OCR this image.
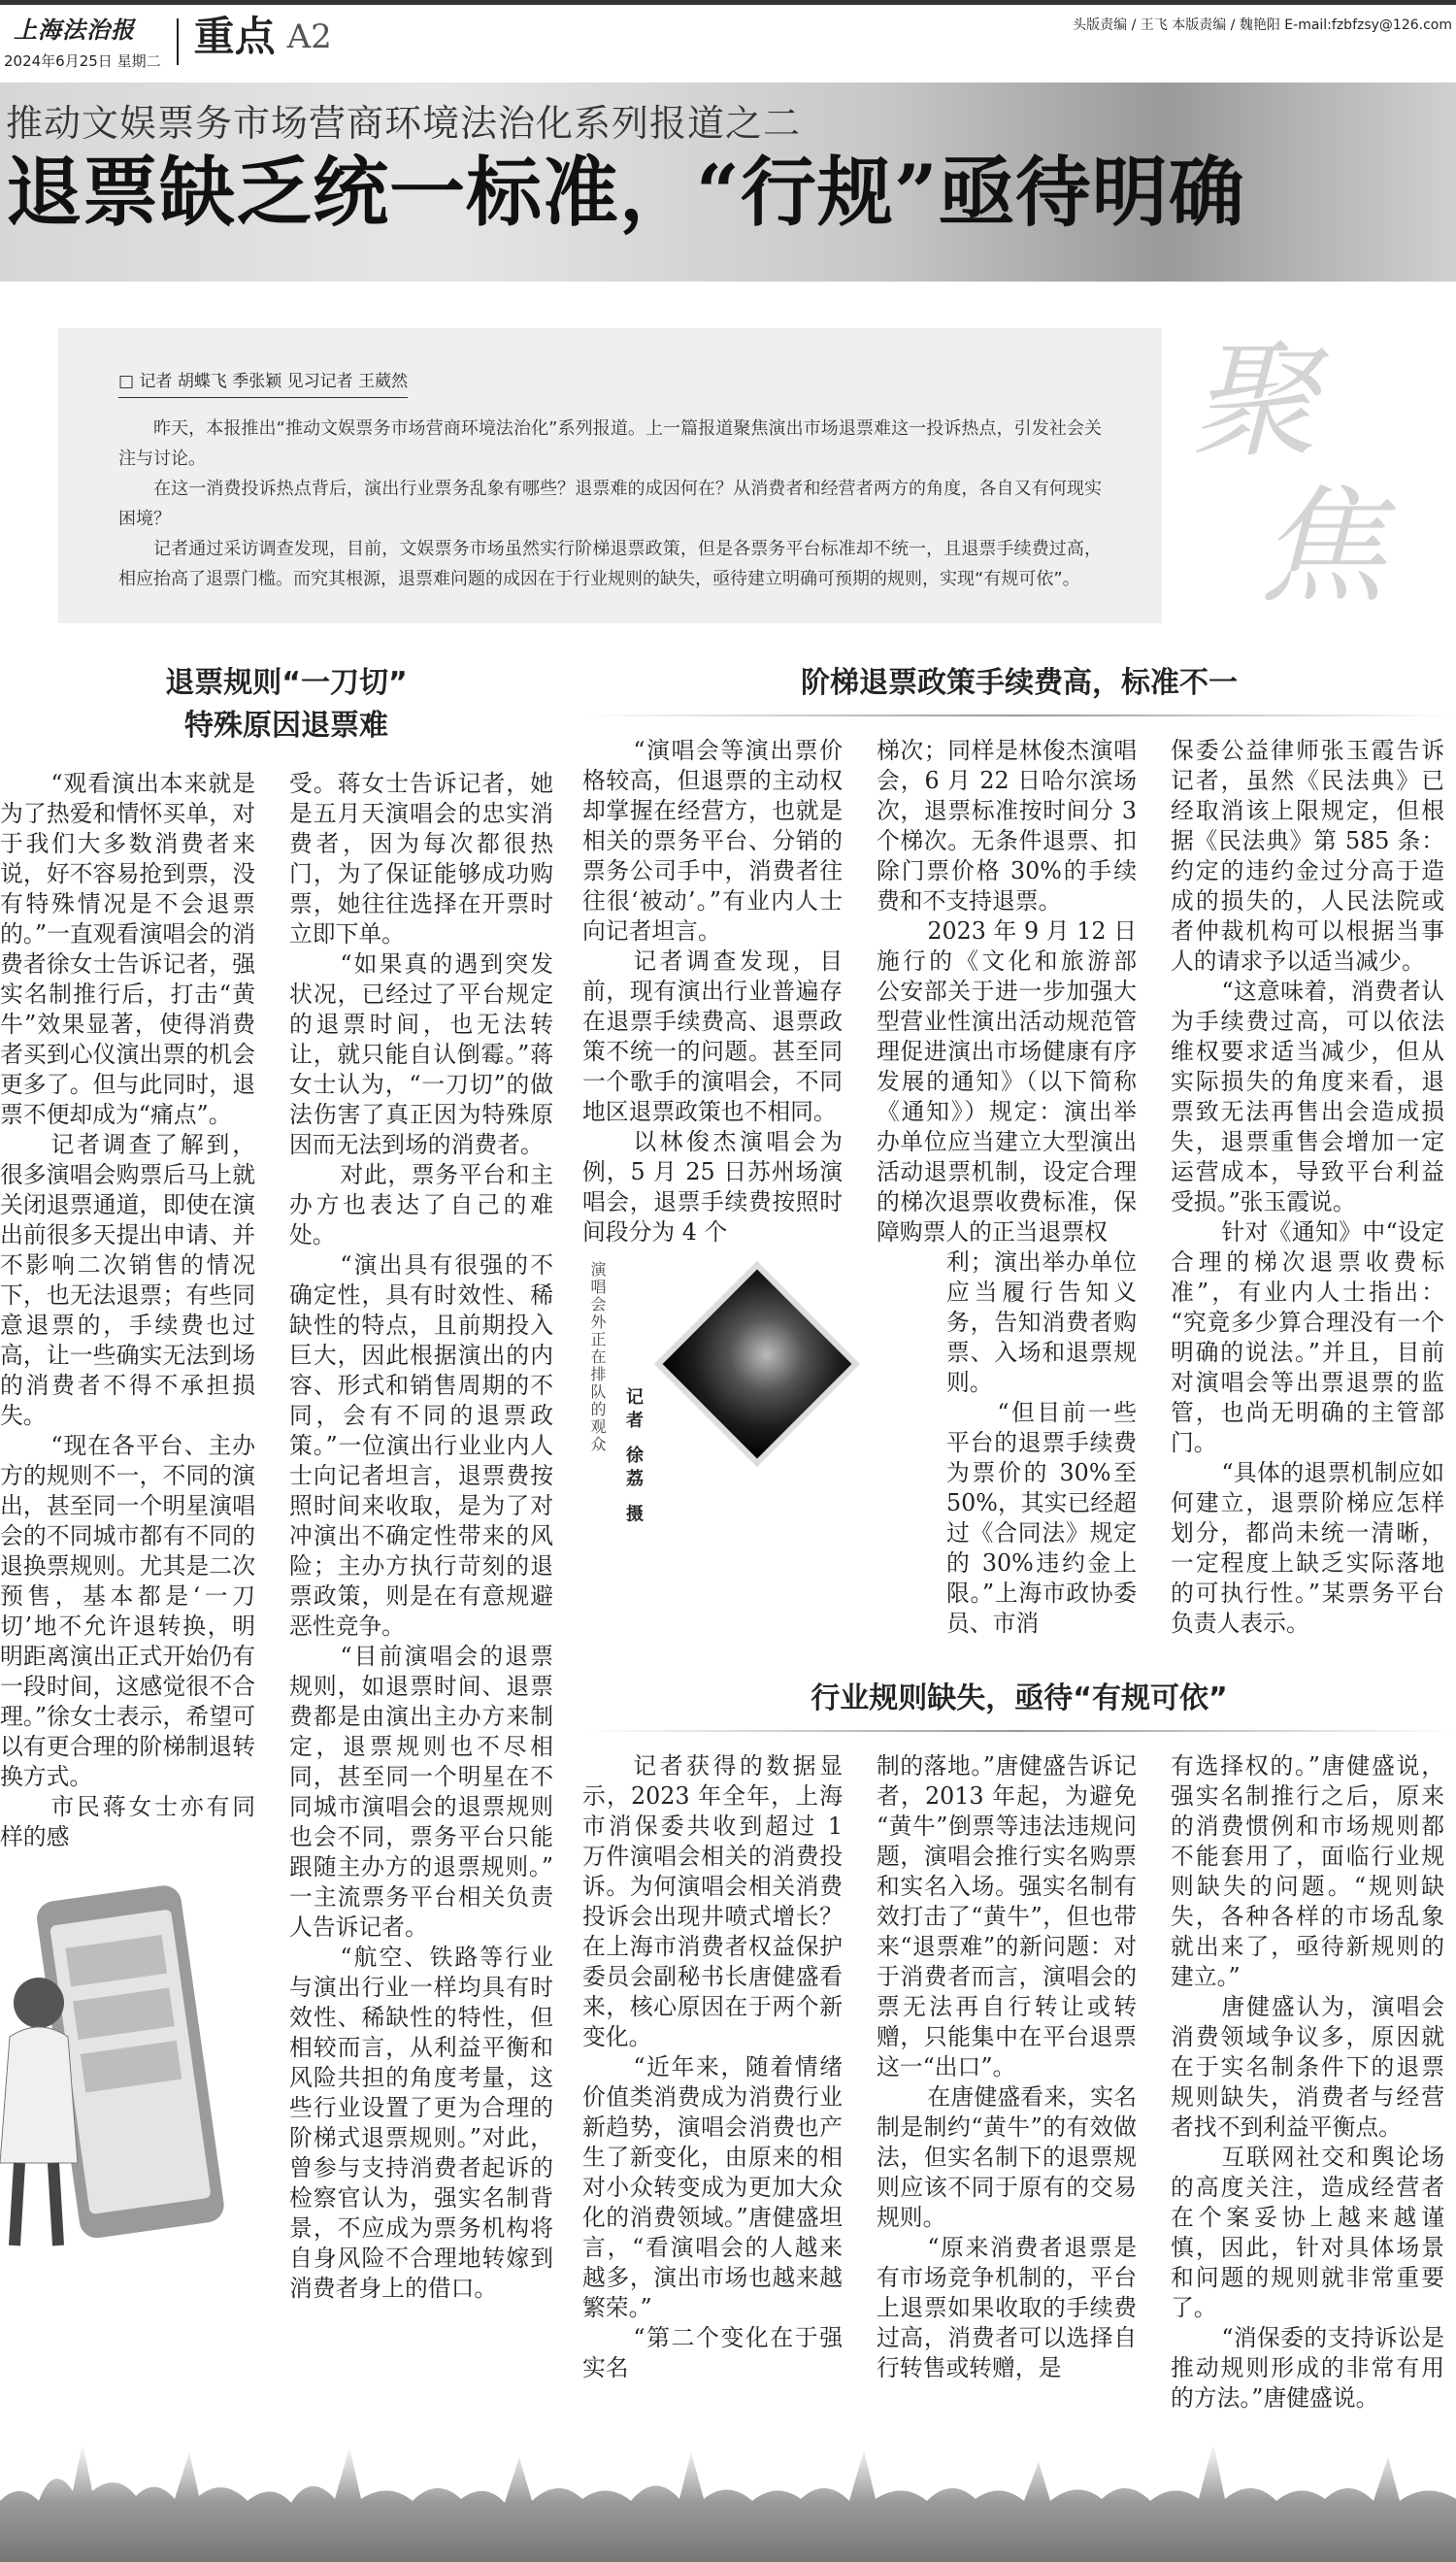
上海法治报
2024年6月25日 星期二
重点 A2	头版责编 / 王飞 本版责编 / 魏艳阳 E-mail:fzbfzsy@126.com
推动文娱票务市场营商环境法治化系列报道之二
退票缺乏统一标准，“行规”亟待明确
□ 记者 胡蝶飞 季张颖 见习记者 王葳然

昨天，本报推出“推动文娱票务市场营商环境法治化”系列报道。上一篇报道聚焦演出市场退票难这一投诉热点，引发社会关注与讨论。

在这一消费投诉热点背后，演出行业票务乱象有哪些？退票难的成因何在？从消费者和经营者两方的角度，各自又有何现实困境？

记者通过采访调查发现，目前，文娱票务市场虽然实行阶梯退票政策，但是各票务平台标准却不统一，且退票手续费过高，相应抬高了退票门槛。而究其根源，退票难问题的成因在于行业规则的缺失，亟待建立明确可预期的规则，实现“有规可依”。

聚
焦
退票规则“一刀切”
特殊原因退票难

“观看演出本来就是为了热爱和情怀买单，对于我们大多数消费者来说，好不容易抢到票，没有特殊情况是不会退票的。”一直观看演唱会的消费者徐女士告诉记者，强实名制推行后，打击“黄牛”效果显著，使得消费者买到心仪演出票的机会更多了。但与此同时，退票不便却成为“痛点”。

记者调查了解到，很多演唱会购票后马上就关闭退票通道，即使在演出前很多天提出申请、并不影响二次销售的情况下，也无法退票；有些同意退票的，手续费也过高，让一些确实无法到场的消费者不得不承担损失。

“现在各平台、主办方的规则不一，不同的演出，甚至同一个明星演唱会的不同城市都有不同的退换票规则。尤其是二次预售，基本都是‘一刀切’地不允许退转换，明明距离演出正式开始仍有一段时间，这感觉很不合理。”徐女士表示，希望可以有更合理的阶梯制退转换方式。

市民蒋女士亦有同样的感

受。蒋女士告诉记者，她是五月天演唱会的忠实消费者，因为每次都很热门，为了保证能够成功购票，她往往选择在开票时立即下单。

“如果真的遇到突发状况，已经过了平台规定的退票时间，也无法转让，就只能自认倒霉。”蒋女士认为，“一刀切”的做法伤害了真正因为特殊原因而无法到场的消费者。

对此，票务平台和主办方也表达了自己的难处。

“演出具有很强的不确定性，具有时效性、稀缺性的特点，且前期投入巨大，因此根据演出的内容、形式和销售周期的不同，会有不同的退票政策。”一位演出行业业内人士向记者坦言，退票费按照时间来收取，是为了对冲演出不确定性带来的风险；主办方执行苛刻的退票政策，则是在有意规避恶性竞争。

“目前演唱会的退票规则，如退票时间、退票费都是由演出主办方来制定，退票规则也不尽相同，甚至同一个明星在不同城市演唱会的退票规则也会不同，票务平台只能跟随主办方的退票规则。”一主流票务平台相关负责人告诉记者。

“航空、铁路等行业与演出行业一样均具有时效性、稀缺性的特性，但相较而言，从利益平衡和风险共担的角度考量，这些行业设置了更为合理的阶梯式退票规则。”对此，曾参与支持消费者起诉的检察官认为，强实名制背景，不应成为票务机构将自身风险不合理地转嫁到消费者身上的借口。

阶梯退票政策手续费高，标准不一

“演唱会等演出票价格较高，但退票的主动权却掌握在经营方，也就是相关的票务平台、分销的票务公司手中，消费者往往很‘被动’。”有业内人士向记者坦言。

记者调查发现，目前，现有演出行业普遍存在退票手续费高、退票政策不统一的问题。甚至同一个歌手的演唱会，不同地区退票政策也不相同。

以林俊杰演唱会为例，5 月 25 日苏州场演唱会，退票手续费按照时间段分为 4 个

演唱会外正在排队的观众
记者 徐荔 摄

梯次；同样是林俊杰演唱会，6 月 22 日哈尔滨场次，退票标准按时间分 3 个梯次。无条件退票、扣除门票价格 30%的手续费和不支持退票。

2023 年 9 月 12 日施行的《文化和旅游部 公安部关于进一步加强大型营业性演出活动规范管理促进演出市场健康有序发展的通知》（以下简称《通知》）规定：演出举办单位应当建立大型演出活动退票机制，设定合理的梯次退票收费标准，保障购票人的正当退票权

利；演出举办单位应当履行告知义务，告知消费者购票、入场和退票规则。

“但目前一些平台的退票手续费为票价的 30%至 50%，其实已经超过《合同法》规定的 30%违约金上限。”上海市政协委员、市消

保委公益律师张玉霞告诉记者，虽然《民法典》已经取消该上限规定，但根据《民法典》第 585 条：约定的违约金过分高于造成的损失的，人民法院或者仲裁机构可以根据当事人的请求予以适当减少。

“这意味着，消费者认为手续费过高，可以依法维权要求适当减少，但从实际损失的角度来看，退票致无法再售出会造成损失，退票重售会增加一定运营成本，导致平台利益受损。”张玉霞说。

针对《通知》中“设定合理的梯次退票收费标准”，有业内人士指出：“究竟多少算合理没有一个明确的说法。”并且，目前对演唱会等出票退票的监管，也尚无明确的主管部门。

“具体的退票机制应如何建立，退票阶梯应怎样划分，都尚未统一清晰，一定程度上缺乏实际落地的可执行性。”某票务平台负责人表示。

行业规则缺失，亟待“有规可依”

记者获得的数据显示，2023 年全年，上海市消保委共收到超过 1 万件演唱会相关的消费投诉。为何演唱会相关消费投诉会出现井喷式增长？在上海市消费者权益保护委员会副秘书长唐健盛看来，核心原因在于两个新变化。

“近年来，随着情绪价值类消费成为消费行业新趋势，演唱会消费也产生了新变化，由原来的相对小众转变成为更加大众化的消费领域。”唐健盛坦言，“看演唱会的人越来越多，演出市场也越来越繁荣。”

“第二个变化在于强实名

制的落地。”唐健盛告诉记者，2013 年起，为避免“黄牛”倒票等违法违规问题，演唱会推行实名购票和实名入场。强实名制有效打击了“黄牛”，但也带来“退票难”的新问题：对于消费者而言，演唱会的票无法再自行转让或转赠，只能集中在平台退票这一“出口”。

在唐健盛看来，实名制是制约“黄牛”的有效做法，但实名制下的退票规则应该不同于原有的交易规则。

“原来消费者退票是有市场竞争机制的，平台上退票如果收取的手续费过高，消费者可以选择自行转售或转赠，是

有选择权的。”唐健盛说，强实名制推行之后，原来的消费惯例和市场规则都不能套用了，面临行业规则缺失的问题。“规则缺失，各种各样的市场乱象就出来了，亟待新规则的建立。”

唐健盛认为，演唱会消费领域争议多，原因就在于实名制条件下的退票规则缺失，消费者与经营者找不到利益平衡点。

互联网社交和舆论场的高度关注，造成经营者在个案妥协上越来越谨慎，因此，针对具体场景和问题的规则就非常重要了。

“消保委的支持诉讼是推动规则形成的非常有用的方法。”唐健盛说。
